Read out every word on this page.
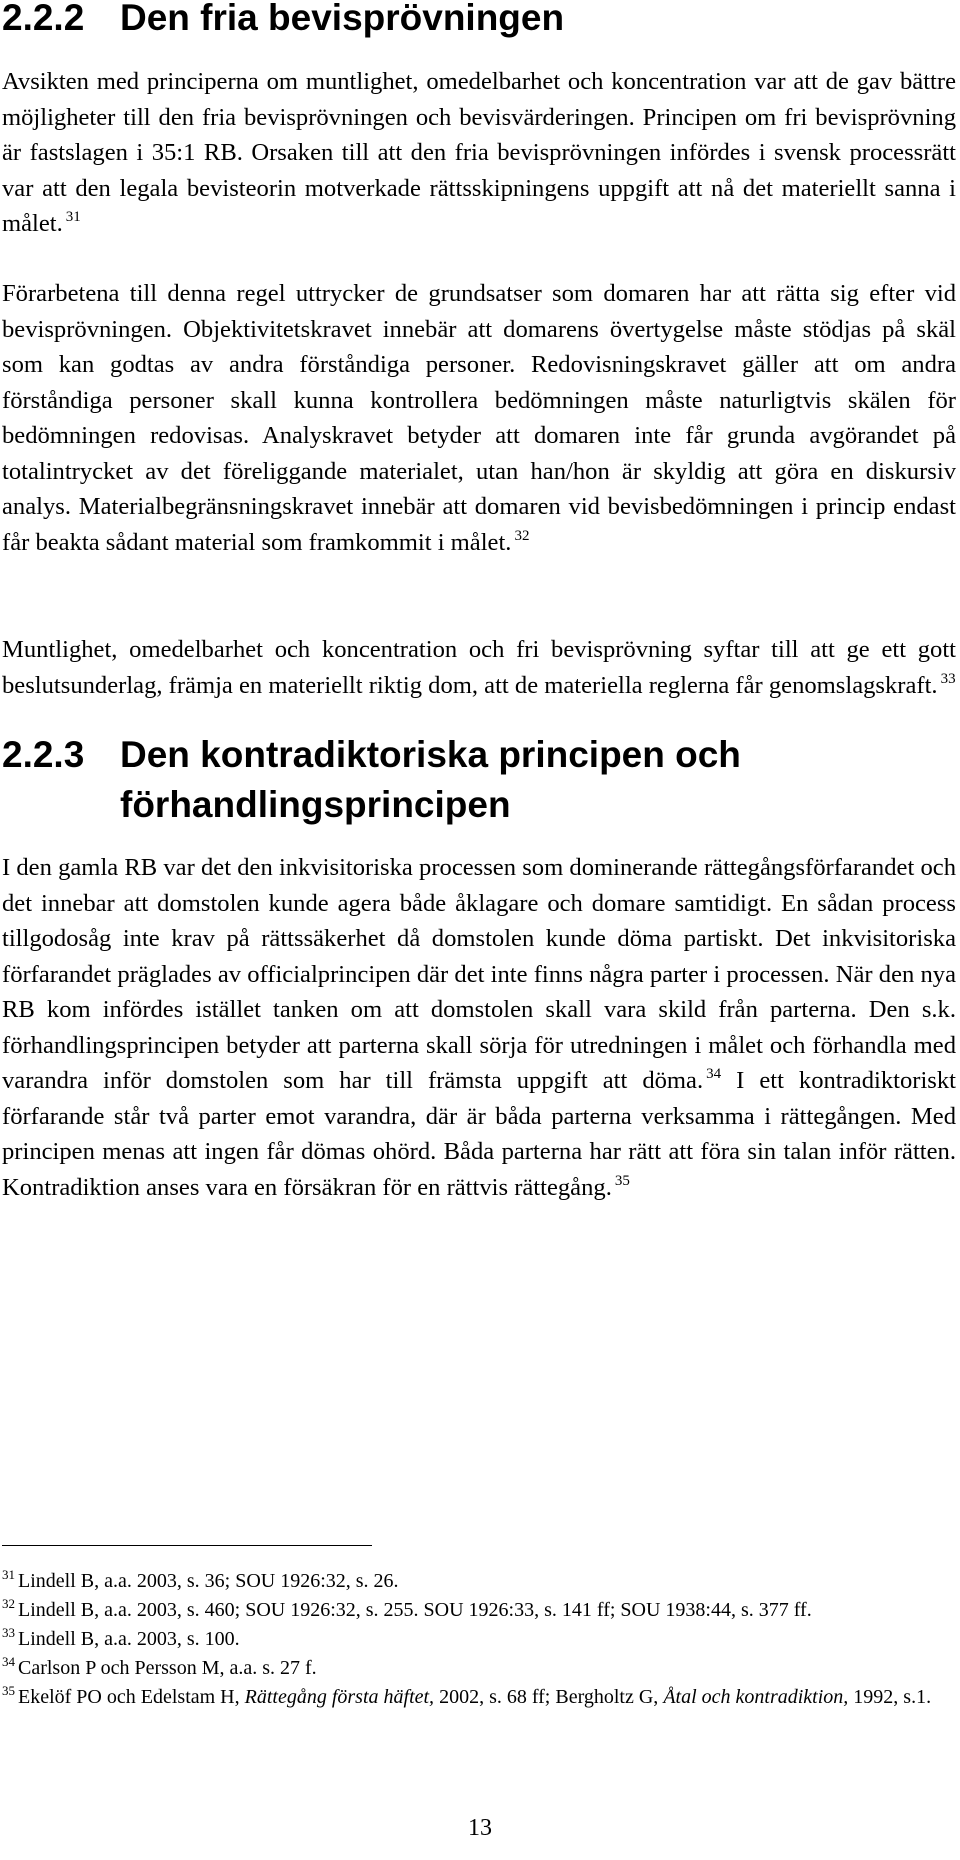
2.2.2 Den fria bevisprövningen

Avsikten med principerna om muntlighet, omedelbarhet och koncentration var att de gav bättre möjligheter till den fria bevisprövningen och bevisvärderingen. Principen om fri bevisprövning är fastslagen i 35:1 RB. Orsaken till att den fria bevisprövningen infördes i svensk processrätt var att den legala bevisteorin motverkade rättsskipningens uppgift att nå det materiellt sanna i målet. $^{31}$

Förarbetena till denna regel uttrycker de grundsatser som domaren har att rätta sig efter vid bevisprövningen. Objektivitetskravet innebär att domarens övertygelse måste stödjas på skäl som kan godtas av andra förståndiga personer. Redovisningskravet gäller att om andra förståndiga personer skall kunna kontrollera bedömningen måste naturligtvis skälen för bedömningen redovisas. Analyskravet betyder att domaren inte får grunda avgörandet på totalintrycket av det föreliggande materialet, utan han/hon är skyldig att göra en diskursiv analys. Materialbegränsningskravet innebär att domaren vid bevisbedömningen i princip endast får beakta sådant material som framkommit i målet. $^{32}$

Muntlighet, omedelbarhet och koncentration och fri bevisprövning syftar till att ge ett gott beslutsunderlag, främja en materiellt riktig dom, att de materiella reglerna får genomslagskraft. $^{33}$

2.2.3 Den kontradiktoriska principen och
förhandlingsprincipen

I den gamla RB var det den inkvisitoriska processen som dominerande rättegångsförfarandet och det innebar att domstolen kunde agera både åklagare och domare samtidigt. En sådan process tillgodosåg inte krav på rättssäkerhet då domstolen kunde döma partiskt. Det inkvisitoriska förfarandet präglades av officialprincipen där det inte finns några parter i processen. När den nya RB kom infördes istället tanken om att domstolen skall vara skild från parterna. Den s.k. förhandlingsprincipen betyder att parterna skall sörja för utredningen i målet och förhandla med varandra inför domstolen som har till främsta uppgift att döma. $^{34}$ I ett kontradiktoriskt förfarande står två parter emot varandra, där är båda parterna verksamma i rättegången. Med principen menas att ingen får dömas ohörd. Båda parterna har rätt att föra sin talan inför rätten. Kontradiktion anses vara en försäkran för en rättvis rättegång. $^{35}$

$^{31}$ Lindell B, a.a. 2003, s. 36; SOU 1926:32, s. 26.
$^{32}$ Lindell B, a.a. 2003, s. 460; SOU 1926:32, s. 255. SOU 1926:33, s. 141 ff; SOU 1938:44, s. 377 ff.
$^{33}$ Lindell B, a.a. 2003, s. 100.
$^{34}$ Carlson P och Persson M, a.a. s. 27 f.
$^{35}$ Ekelöf PO och Edelstam H, Rättegång första häftet, 2002, s. 68 ff; Bergholtz G, Åtal och kontradiktion, 1992, s.1.
13
